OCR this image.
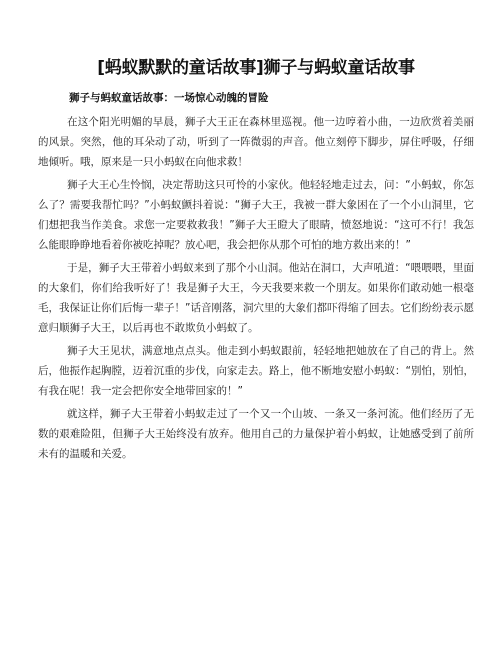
[蚂蚁默默的童话故事]狮子与蚂蚁童话故事
狮子与蚂蚁童话故事：一场惊心动魄的冒险

在这个阳光明媚的早晨，狮子大王正在森林里巡视。他一边哼着小曲，一边欣赏着美丽的风景。突然，他的耳朵动了动，听到了一阵微弱的声音。他立刻停下脚步，屏住呼吸，仔细地倾听。哦，原来是一只小蚂蚁在向他求救！

狮子大王心生怜悯，决定帮助这只可怜的小家伙。他轻轻地走过去，问：“小蚂蚁，你怎么了？需要我帮忙吗？”小蚂蚁颤抖着说：“狮子大王，我被一群大象困在了一个小山洞里，它们想把我当作美食。求您一定要救救我！”狮子大王瞪大了眼睛，愤怒地说：“这可不行！我怎么能眼睁睁地看着你被吃掉呢？放心吧，我会把你从那个可怕的地方救出来的！”

于是，狮子大王带着小蚂蚁来到了那个小山洞。他站在洞口，大声吼道：“喂喂喂，里面的大象们，你们给我听好了！我是狮子大王，今天我要来救一个朋友。如果你们敢动她一根毫毛，我保证让你们后悔一辈子！”话音刚落，洞穴里的大象们都吓得缩了回去。它们纷纷表示愿意归顺狮子大王，以后再也不敢欺负小蚂蚁了。

狮子大王见状，满意地点点头。他走到小蚂蚁跟前，轻轻地把她放在了自己的背上。然后，他振作起胸膛，迈着沉重的步伐，向家走去。路上，他不断地安慰小蚂蚁：“别怕，别怕，有我在呢！我一定会把你安全地带回家的！”

就这样，狮子大王带着小蚂蚁走过了一个又一个山坡、一条又一条河流。他们经历了无数的艰难险阻，但狮子大王始终没有放弃。他用自己的力量保护着小蚂蚁，让她感受到了前所未有的温暖和关爱。
